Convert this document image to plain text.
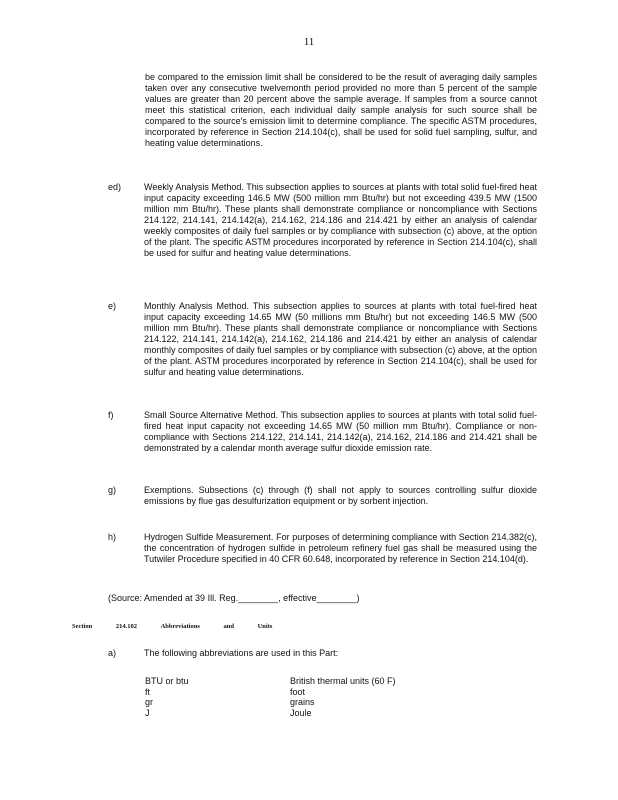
11
be compared to the emission limit shall be considered to be the result of averaging daily samples taken over any consecutive twelvemonth period provided no more than 5 percent of the sample values are greater than 20 percent above the sample average. If samples from a source cannot meet this statistical criterion, each individual daily sample analysis for such source shall be compared to the source's emission limit to determine compliance. The specific ASTM procedures, incorporated by reference in Section 214.104(c), shall be used for solid fuel sampling, sulfur, and heating value determinations.
ed)	Weekly Analysis Method. This subsection applies to sources at plants with total solid fuel-fired heat input capacity exceeding 146.5 MW (500 million mm Btu/hr) but not exceeding 439.5 MW (1500 million mm Btu/hr). These plants shall demonstrate compliance or noncompliance with Sections 214.122, 214.141, 214.142(a), 214.162, 214.186 and 214.421 by either an analysis of calendar weekly composites of daily fuel samples or by compliance with subsection (c) above, at the option of the plant. The specific ASTM procedures incorporated by reference in Section 214.104(c), shall be used for sulfur and heating value determinations.
e)	Monthly Analysis Method. This subsection applies to sources at plants with total fuel-fired heat input capacity exceeding 14.65 MW (50 millions mm Btu/hr) but not exceeding 146.5 MW (500 million mm Btu/hr). These plants shall demonstrate compliance or noncompliance with Sections 214.122, 214.141, 214.142(a), 214.162, 214.186 and 214.421 by either an analysis of calendar monthly composites of daily fuel samples or by compliance with subsection (c) above, at the option of the plant. ASTM procedures incorporated by reference in Section 214.104(c), shall be used for sulfur and heating value determinations.
f)	Small Source Alternative Method. This subsection applies to sources at plants with total solid fuel-fired heat input capacity not exceeding 14.65 MW (50 million mm Btu/hr). Compliance or non-compliance with Sections 214.122, 214.141, 214.142(a), 214.162, 214.186 and 214.421 shall be demonstrated by a calendar month average sulfur dioxide emission rate.
g)	Exemptions. Subsections (c) through (f) shall not apply to sources controlling sulfur dioxide emissions by flue gas desulfurization equipment or by sorbent injection.
h)	Hydrogen Sulfide Measurement. For purposes of determining compliance with Section 214.382(c), the concentration of hydrogen sulfide in petroleum refinery fuel gas shall be measured using the Tutwiler Procedure specified in 40 CFR 60.648, incorporated by reference in Section 214.104(d).
(Source: Amended at 39 Ill. Reg.________, effective________)
Section	214.102	Abbreviations	and	Units
a)	The following abbreviations are used in this Part:
BTU or btu	British thermal units (60 F)
ft	foot
gr	grains
J	Joule
